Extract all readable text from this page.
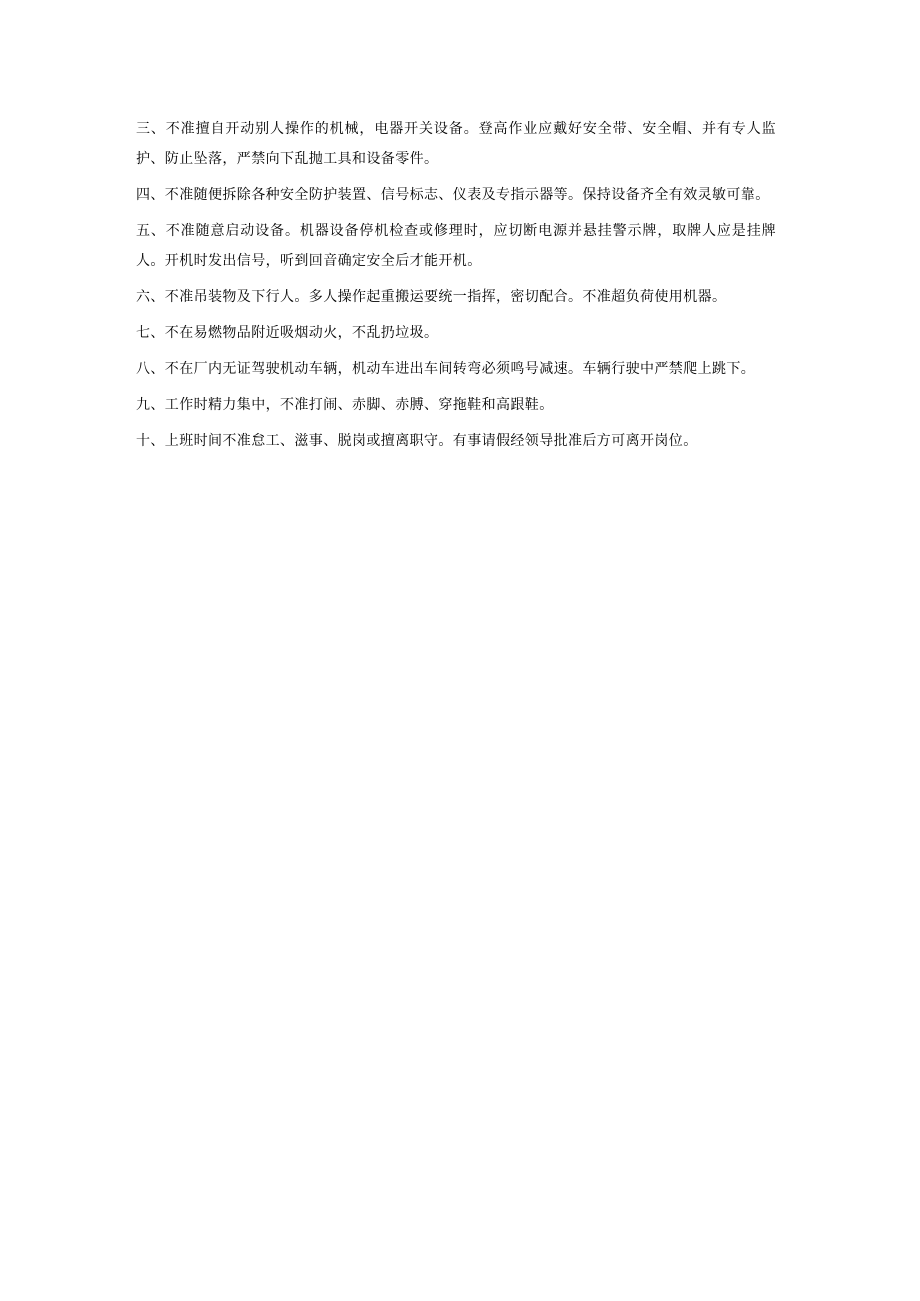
三、不准擅自开动别人操作的机械，电器开关设备。登高作业应戴好安全带、安全帽、并有专人监护、防止坠落，严禁向下乱抛工具和设备零件。

四、不准随便拆除各种安全防护装置、信号标志、仪表及专指示器等。保持设备齐全有效灵敏可靠。

五、不准随意启动设备。机器设备停机检查或修理时，应切断电源并悬挂警示牌，取牌人应是挂牌人。开机时发出信号，听到回音确定安全后才能开机。

六、不准吊装物及下行人。多人操作起重搬运要统一指挥，密切配合。不准超负荷使用机器。

七、不在易燃物品附近吸烟动火，不乱扔垃圾。

八、不在厂内无证驾驶机动车辆，机动车进出车间转弯必须鸣号减速。车辆行驶中严禁爬上跳下。

九、工作时精力集中，不准打闹、赤脚、赤膊、穿拖鞋和高跟鞋。

十、上班时间不准怠工、滋事、脱岗或擅离职守。有事请假经领导批准后方可离开岗位。
